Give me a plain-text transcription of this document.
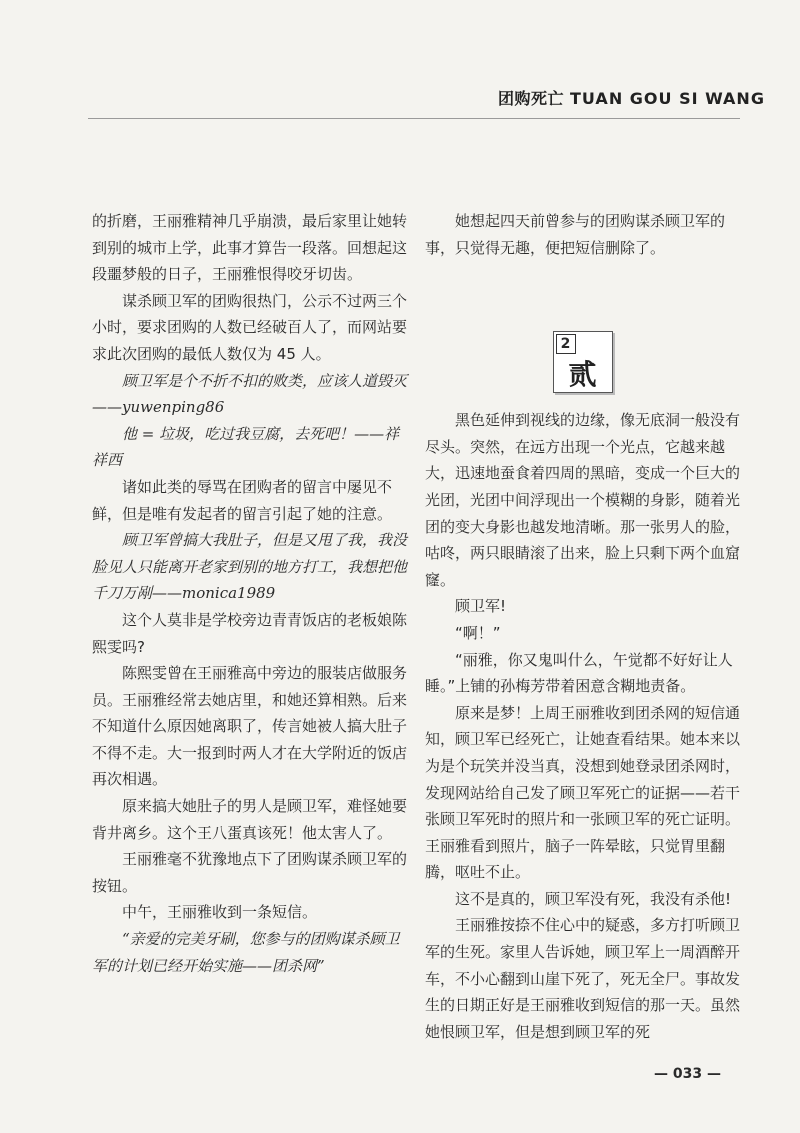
团购死亡 TUAN GOU SI WANG

的折磨，王丽雅精神几乎崩溃，最后家里让她转到别的城市上学，此事才算告一段落。回想起这段噩梦般的日子，王丽雅恨得咬牙切齿。

谋杀顾卫军的团购很热门，公示不过两三个小时，要求团购的人数已经破百人了，而网站要求此次团购的最低人数仅为 45 人。

顾卫军是个不折不扣的败类，应该人道毁灭——yuwenping86

他 = 垃圾，吃过我豆腐，去死吧！——祥祥西

诸如此类的辱骂在团购者的留言中屡见不鲜，但是唯有发起者的留言引起了她的注意。

顾卫军曾搞大我肚子，但是又甩了我，我没脸见人只能离开老家到别的地方打工，我想把他千刀万剐——monica1989

这个人莫非是学校旁边青青饭店的老板娘陈熙雯吗?

陈熙雯曾在王丽雅高中旁边的服装店做服务员。王丽雅经常去她店里，和她还算相熟。后来不知道什么原因她离职了，传言她被人搞大肚子不得不走。大一报到时两人才在大学附近的饭店再次相遇。

原来搞大她肚子的男人是顾卫军，难怪她要背井离乡。这个王八蛋真该死！他太害人了。

王丽雅毫不犹豫地点下了团购谋杀顾卫军的按钮。

中午，王丽雅收到一条短信。

“亲爱的完美牙刷，您参与的团购谋杀顾卫军的计划已经开始实施——团杀网”

她想起四天前曾参与的团购谋杀顾卫军的事，只觉得无趣，便把短信删除了。

2
贰

黑色延伸到视线的边缘，像无底洞一般没有尽头。突然，在远方出现一个光点，它越来越大，迅速地蚕食着四周的黑暗，变成一个巨大的光团，光团中间浮现出一个模糊的身影，随着光团的变大身影也越发地清晰。那一张男人的脸，咕咚，两只眼睛滚了出来，脸上只剩下两个血窟窿。

顾卫军!

“啊！”

“丽雅，你又鬼叫什么，午觉都不好好让人睡。”上铺的孙梅芳带着困意含糊地责备。

原来是梦！上周王丽雅收到团杀网的短信通知，顾卫军已经死亡，让她查看结果。她本来以为是个玩笑并没当真，没想到她登录团杀网时，发现网站给自己发了顾卫军死亡的证据——若干张顾卫军死时的照片和一张顾卫军的死亡证明。王丽雅看到照片，脑子一阵晕眩，只觉胃里翻腾，呕吐不止。

这不是真的，顾卫军没有死，我没有杀他!

王丽雅按捺不住心中的疑惑，多方打听顾卫军的生死。家里人告诉她，顾卫军上一周酒醉开车，不小心翻到山崖下死了，死无全尸。事故发生的日期正好是王丽雅收到短信的那一天。虽然她恨顾卫军，但是想到顾卫军的死

— 033 —
